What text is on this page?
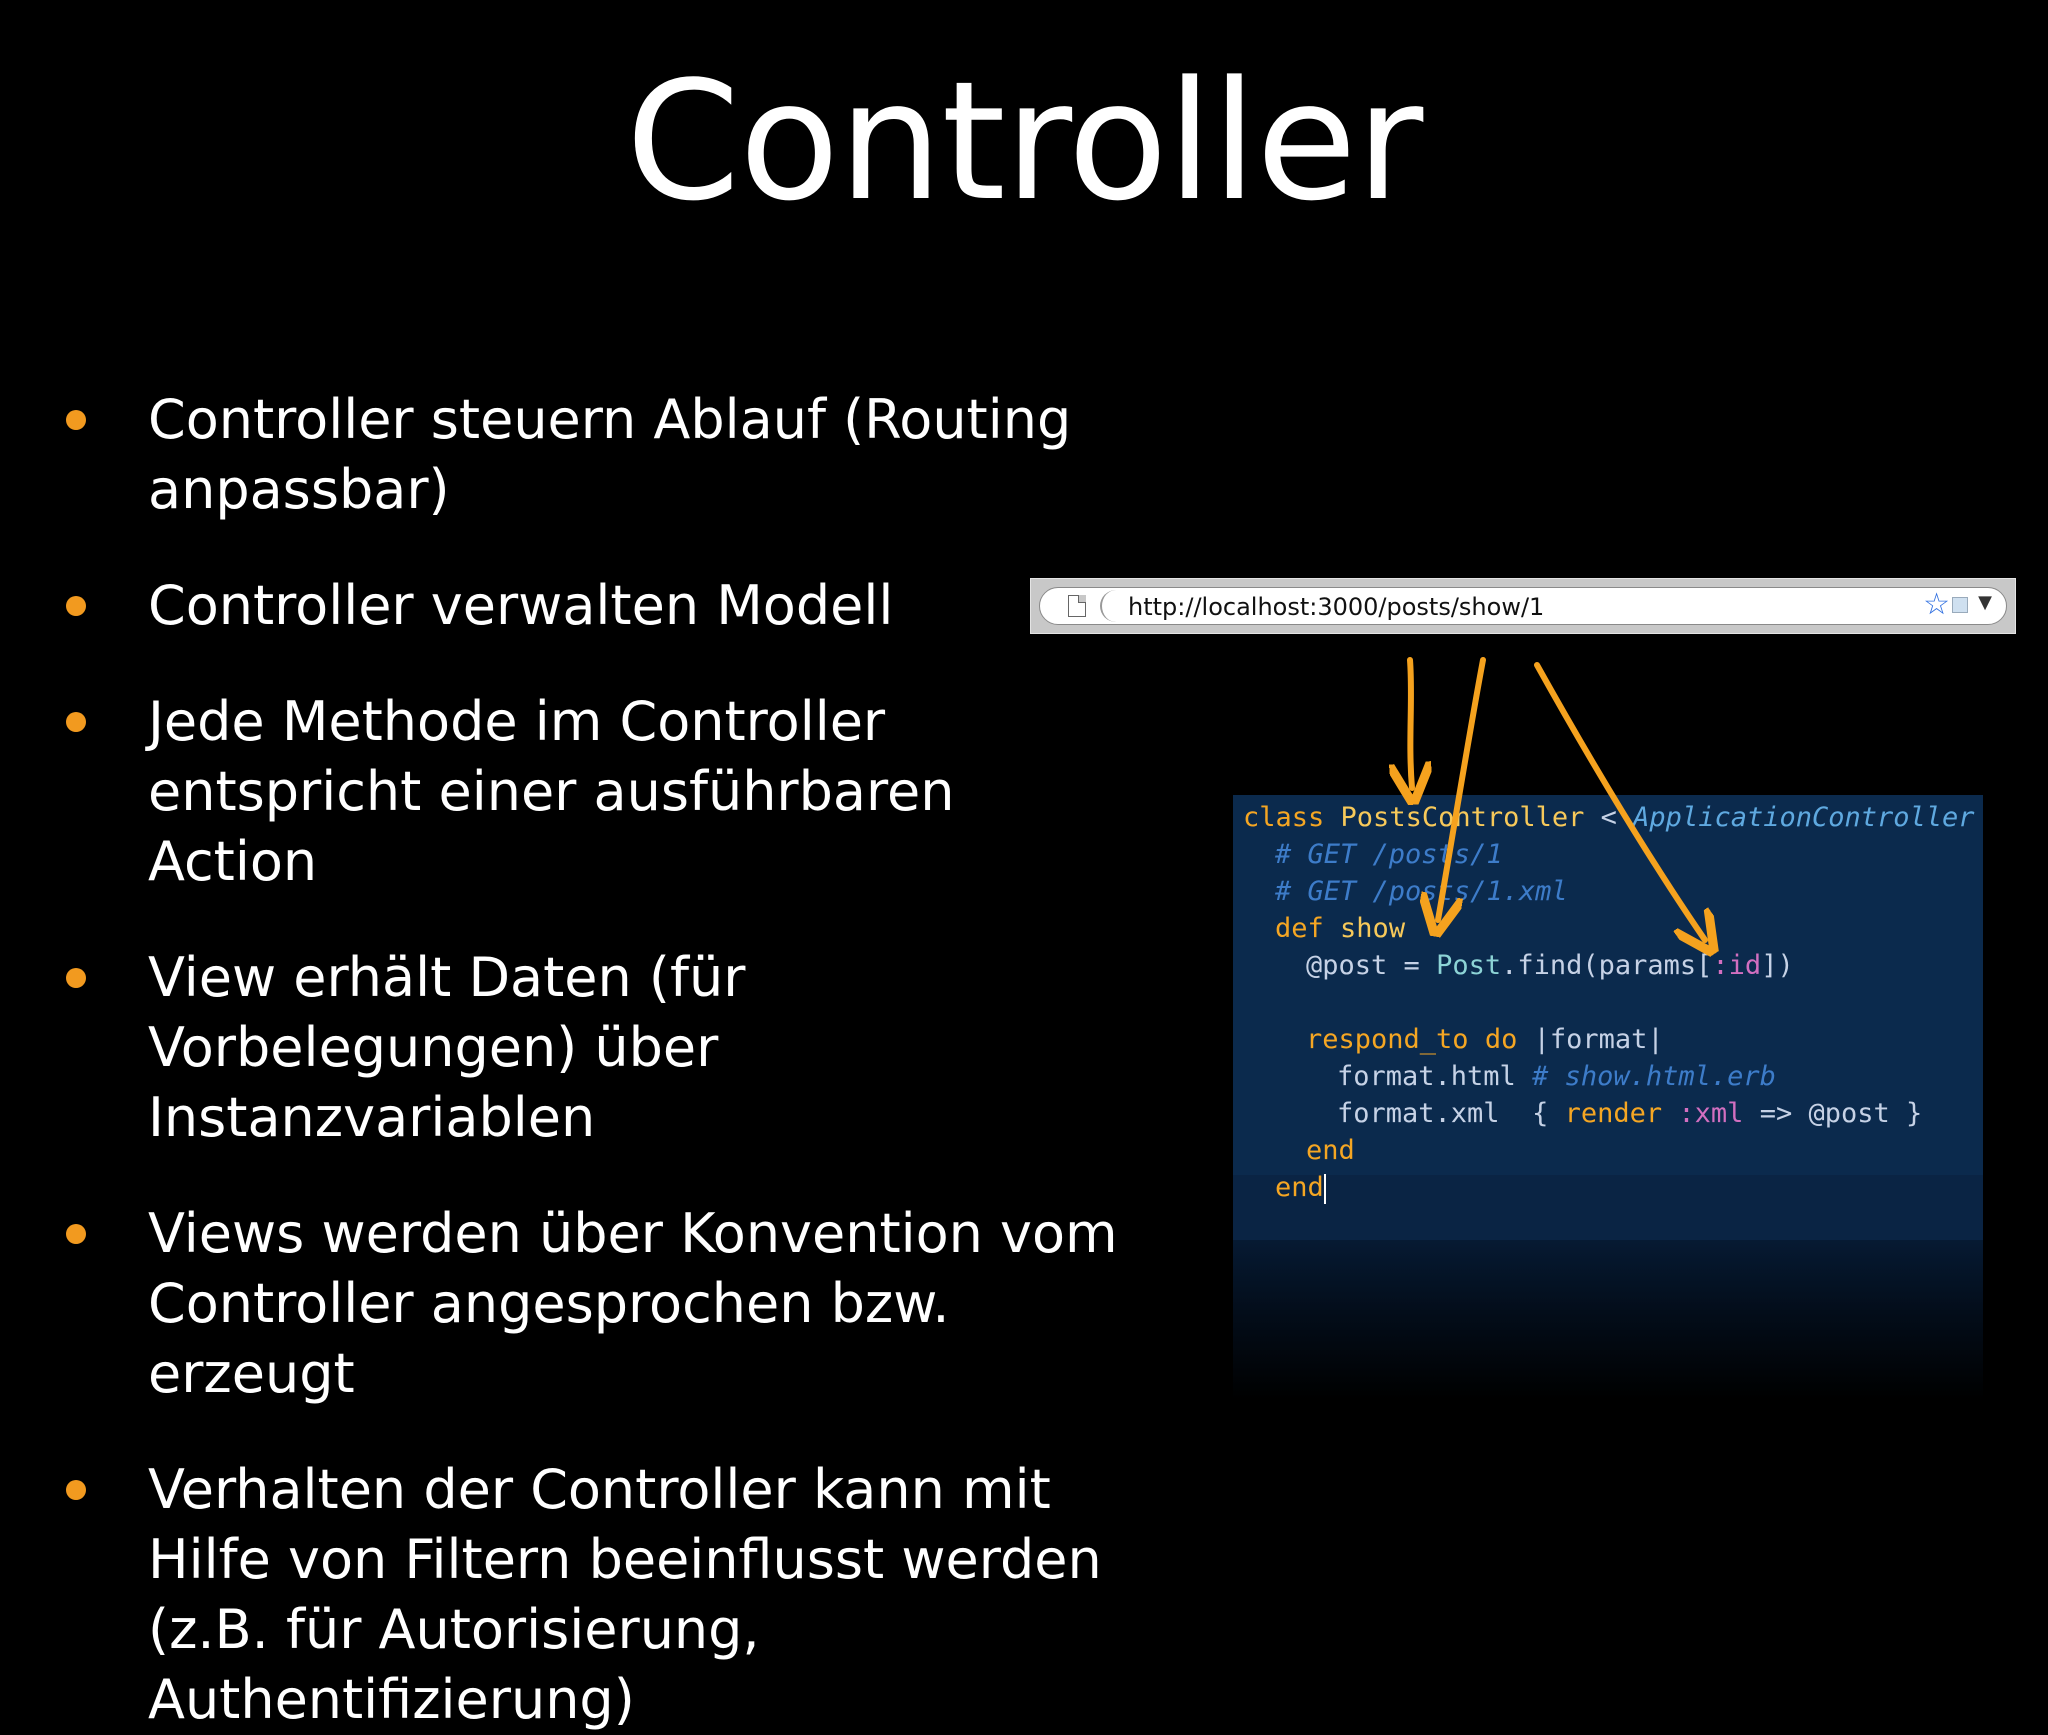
Controller
Controller steuern Ablauf (Routing anpassbar)
Controller verwalten Modell
Jede Methode im Controller entspricht einer ausführbaren Action
View erhält Daten (für Vorbelegungen) über Instanzvariablen
Views werden über Konvention vom Controller angesprochen bzw. erzeugt
Verhalten der Controller kann mit Hilfe von Filtern beeinflusst werden (z.B. für Autorisierung, Authentifizierung)
http://localhost:3000/posts/show/1	☆ ▼
class PostsController < ApplicationController
# GET /posts/1
# GET /posts/1.xml
def show
@post = Post.find(params[:id])
respond_to do |format|
format.html # show.html.erb
format.xml { render :xml => @post }
end
end
